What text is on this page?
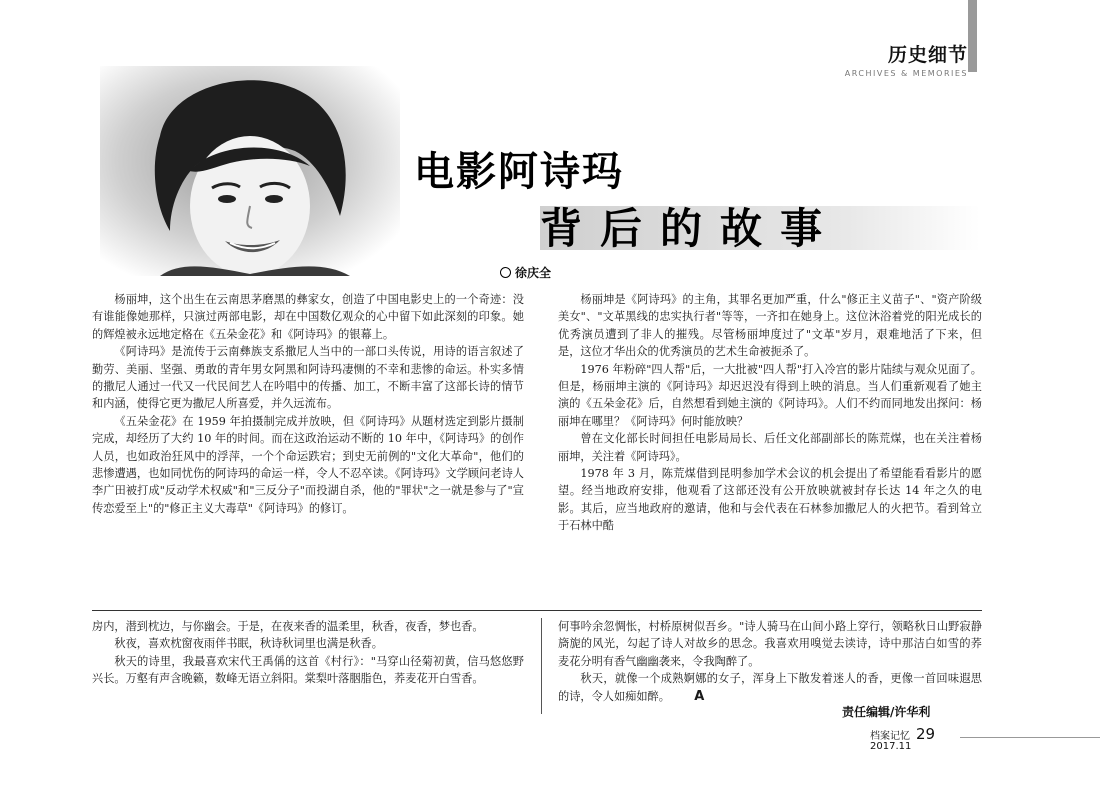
历史细节
ARCHIVES & MEMORIES
电影阿诗玛
背 后 的 故 事
徐庆全

杨丽坤，这个出生在云南思茅磨黑的彝家女，创造了中国电影史上的一个奇迹：没有谁能像她那样，只演过两部电影，却在中国数亿观众的心中留下如此深刻的印象。她的辉煌被永远地定格在《五朵金花》和《阿诗玛》的银幕上。

《阿诗玛》是流传于云南彝族支系撒尼人当中的一部口头传说，用诗的语言叙述了勤劳、美丽、坚强、勇敢的青年男女阿黑和阿诗玛凄恻的不幸和悲惨的命运。朴实多情的撒尼人通过一代又一代民间艺人在吟唱中的传播、加工，不断丰富了这部长诗的情节和内涵，使得它更为撒尼人所喜爱，并久远流布。

《五朵金花》在 1959 年拍摄制完成并放映，但《阿诗玛》从题材选定到影片摄制完成，却经历了大约 10 年的时间。而在这政治运动不断的 10 年中，《阿诗玛》的创作人员，也如政治狂风中的浮萍，一个个命运跌宕；到史无前例的"文化大革命"，他们的悲惨遭遇，也如同忧伤的阿诗玛的命运一样，令人不忍卒读。《阿诗玛》文学顾问老诗人李广田被打成"反动学术权威"和"三反分子"而投湖自杀，他的"罪状"之一就是参与了"宣传恋爱至上"的"修正主义大毒草"《阿诗玛》的修订。

杨丽坤是《阿诗玛》的主角，其罪名更加严重，什么"修正主义苗子"、"资产阶级美女"、"文革黑线的忠实执行者"等等，一齐扣在她身上。这位沐浴着党的阳光成长的优秀演员遭到了非人的摧残。尽管杨丽坤度过了"文革"岁月，艰难地活了下来，但是，这位才华出众的优秀演员的艺术生命被扼杀了。

1976 年粉碎"四人帮"后，一大批被"四人帮"打入冷宫的影片陆续与观众见面了。但是，杨丽坤主演的《阿诗玛》却迟迟没有得到上映的消息。当人们重新观看了她主演的《五朵金花》后，自然想看到她主演的《阿诗玛》。人们不约而同地发出探问：杨丽坤在哪里？《阿诗玛》何时能放映？

曾在文化部长时间担任电影局局长、后任文化部副部长的陈荒煤，也在关注着杨丽坤，关注着《阿诗玛》。

1978 年 3 月，陈荒煤借到昆明参加学术会议的机会提出了希望能看看影片的愿望。经当地政府安排，他观看了这部还没有公开放映就被封存长达 14 年之久的电影。其后，应当地政府的邀请，他和与会代表在石林参加撒尼人的火把节。看到耸立于石林中酷

房内，潜到枕边，与你幽会。于是，在夜来香的温柔里，秋香，夜香，梦也香。

秋夜，喜欢枕窗夜雨伴书眠，秋诗秋词里也满是秋香。

秋天的诗里，我最喜欢宋代王禹偁的这首《村行》："马穿山径菊初黄，信马悠悠野兴长。万壑有声含晚籁，数峰无语立斜阳。棠梨叶落胭脂色，荞麦花开白雪香。

何事吟余忽惆怅，村桥原树似吾乡。"诗人骑马在山间小路上穿行，领略秋日山野寂静旖旎的风光，勾起了诗人对故乡的思念。我喜欢用嗅觉去读诗，诗中那洁白如雪的荞麦花分明有香气幽幽袭来，令我陶醉了。

秋天，就像一个成熟婀娜的女子，浑身上下散发着迷人的香，更像一首回味遐思的诗，令人如痴如醉。 A

责任编辑/许华利
档案记忆 29
2017.11
